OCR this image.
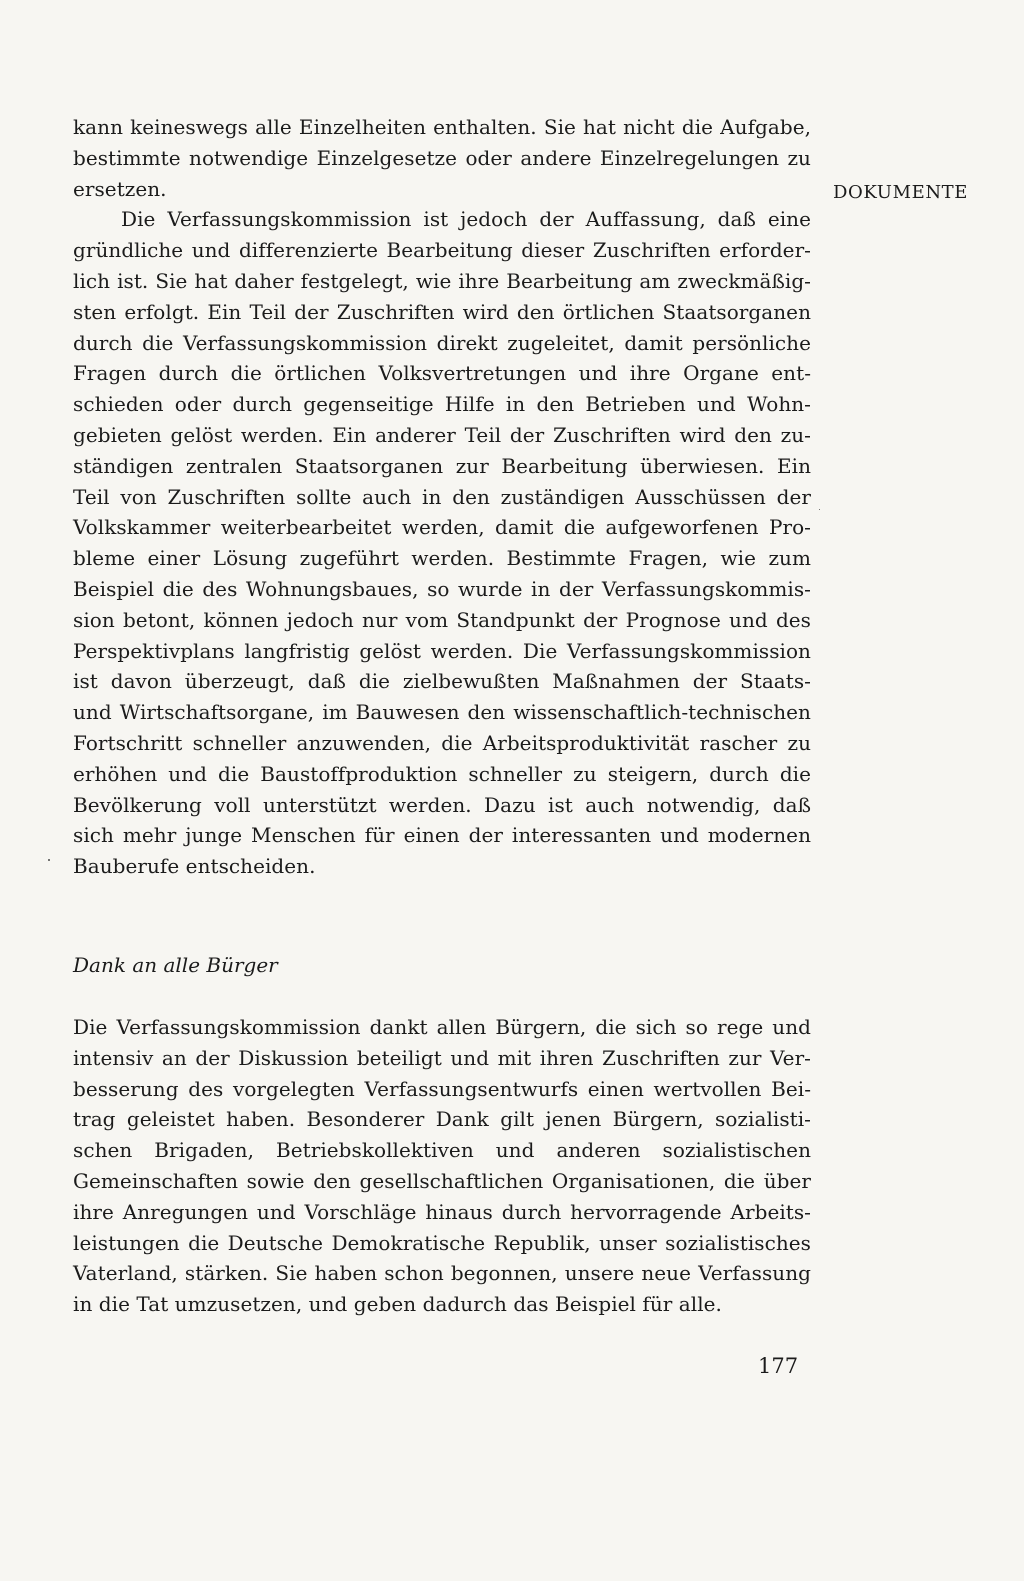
DOKUMENTE
kann keineswegs alle Einzelheiten enthalten. Sie hat nicht die Aufgabe,
bestimmte notwendige Einzelgesetze oder andere Einzelregelungen zu
ersetzen.
Die Verfassungskommission ist jedoch der Auffassung, daß eine
gründliche und differenzierte Bearbeitung dieser Zuschriften erforder-
lich ist. Sie hat daher festgelegt, wie ihre Bearbeitung am zweckmäßig-
sten erfolgt. Ein Teil der Zuschriften wird den örtlichen Staatsorganen
durch die Verfassungskommission direkt zugeleitet, damit persönliche
Fragen durch die örtlichen Volksvertretungen und ihre Organe ent-
schieden oder durch gegenseitige Hilfe in den Betrieben und Wohn-
gebieten gelöst werden. Ein anderer Teil der Zuschriften wird den zu-
ständigen zentralen Staatsorganen zur Bearbeitung überwiesen. Ein
Teil von Zuschriften sollte auch in den zuständigen Ausschüssen der
Volkskammer weiterbearbeitet werden, damit die aufgeworfenen Pro-
bleme einer Lösung zugeführt werden. Bestimmte Fragen, wie zum
Beispiel die des Wohnungsbaues, so wurde in der Verfassungskommis-
sion betont, können jedoch nur vom Standpunkt der Prognose und des
Perspektivplans langfristig gelöst werden. Die Verfassungskommission
ist davon überzeugt, daß die zielbewußten Maßnahmen der Staats-
und Wirtschaftsorgane, im Bauwesen den wissenschaftlich-technischen
Fortschritt schneller anzuwenden, die Arbeitsproduktivität rascher zu
erhöhen und die Baustoffproduktion schneller zu steigern, durch die
Bevölkerung voll unterstützt werden. Dazu ist auch notwendig, daß
sich mehr junge Menschen für einen der interessanten und modernen
Bauberufe entscheiden.
Dank an alle Bürger
Die Verfassungskommission dankt allen Bürgern, die sich so rege und
intensiv an der Diskussion beteiligt und mit ihren Zuschriften zur Ver-
besserung des vorgelegten Verfassungsentwurfs einen wertvollen Bei-
trag geleistet haben. Besonderer Dank gilt jenen Bürgern, sozialisti-
schen Brigaden, Betriebskollektiven und anderen sozialistischen
Gemeinschaften sowie den gesellschaftlichen Organisationen, die über
ihre Anregungen und Vorschläge hinaus durch hervorragende Arbeits-
leistungen die Deutsche Demokratische Republik, unser sozialistisches
Vaterland, stärken. Sie haben schon begonnen, unsere neue Verfassung
in die Tat umzusetzen, und geben dadurch das Beispiel für alle.
177
